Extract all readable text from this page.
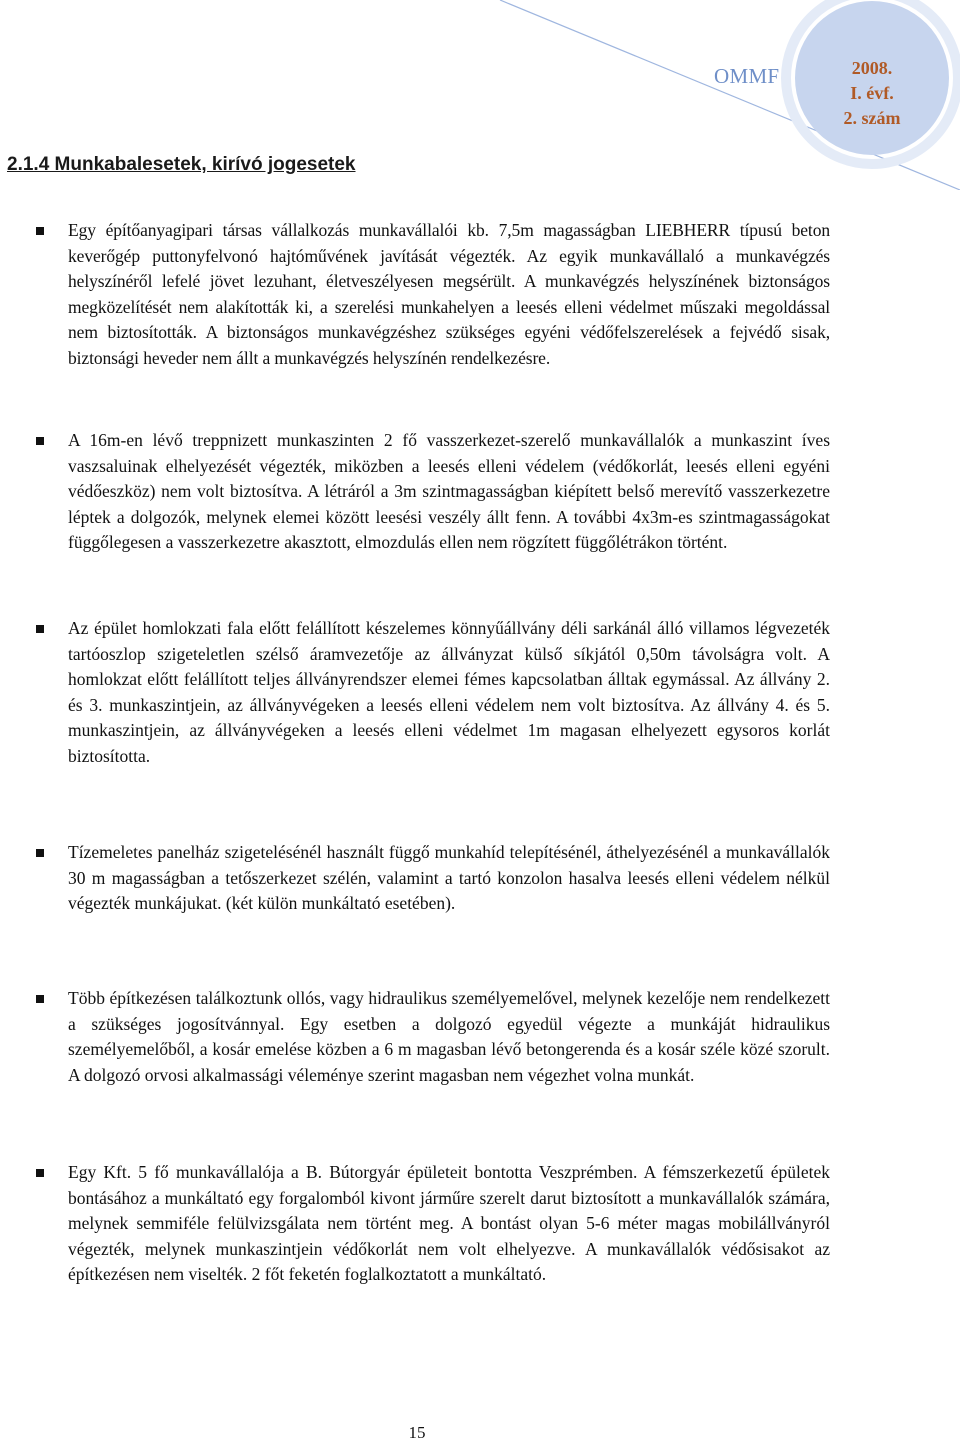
OMMF	2008.
I. évf.
2. szám
2.1.4 Munkabalesetek, kirívó jogesetek

Egy építőanyagipari társas vállalkozás munkavállalói kb. 7,5m magasságban LIEBHERR típusú beton keverőgép puttonyfelvonó hajtóművének javítását végezték. Az egyik munkavállaló a munkavégzés helyszínéről lefelé jövet lezuhant, életveszélyesen megsérült. A munkavégzés helyszínének biztonságos megközelítését nem alakították ki, a szerelési munkahelyen a leesés elleni védelmet műszaki megoldással nem biztosították. A biztonságos munkavégzéshez szükséges egyéni védőfelszerelések a fejvédő sisak, biztonsági heveder nem állt a munkavégzés helyszínén rendelkezésre.

A 16m-en lévő treppnizett munkaszinten 2 fő vasszerkezet-szerelő munkavállalók a munkaszint íves vaszsaluinak elhelyezését végezték, miközben a leesés elleni védelem (védőkorlát, leesés elleni egyéni védőeszköz) nem volt biztosítva. A létráról a 3m szintmagasságban kiépített belső merevítő vasszerkezetre léptek a dolgozók, melynek elemei között leesési veszély állt fenn. A további 4x3m-es szintmagasságokat függőlegesen a vasszerkezetre akasztott, elmozdulás ellen nem rögzített függőlétrákon történt.

Az épület homlokzati fala előtt felállított készelemes könnyűállvány déli sarkánál álló villamos légvezeték tartóoszlop szigeteletlen szélső áramvezetője az állványzat külső síkjától 0,50m távolságra volt. A homlokzat előtt felállított teljes állványrendszer elemei fémes kapcsolatban álltak egymással. Az állvány 2. és 3. munkaszintjein, az állványvégeken a leesés elleni védelem nem volt biztosítva. Az állvány 4. és 5. munkaszintjein, az állványvégeken a leesés elleni védelmet 1m magasan elhelyezett egysoros korlát biztosította.

Tízemeletes panelház szigetelésénél használt függő munkahíd telepítésénél, áthelyezésénél a munkavállalók 30 m magasságban a tetőszerkezet szélén, valamint a tartó konzolon hasalva leesés elleni védelem nélkül végezték munkájukat. (két külön munkáltató esetében).

Több építkezésen találkoztunk ollós, vagy hidraulikus személyemelővel, melynek kezelője nem rendelkezett a szükséges jogosítvánnyal. Egy esetben a dolgozó egyedül végezte a munkáját hidraulikus személyemelőből, a kosár emelése közben a 6 m magasban lévő betongerenda és a kosár széle közé szorult. A dolgozó orvosi alkalmassági véleménye szerint magasban nem végezhet volna munkát.

Egy Kft. 5 fő munkavállalója a B. Bútorgyár épületeit bontotta Veszprémben. A fémszerkezetű épületek bontásához a munkáltató egy forgalomból kivont járműre szerelt darut biztosított a munkavállalók számára, melynek semmiféle felülvizsgálata nem történt meg. A bontást olyan 5-6 méter magas mobilállványról végezték, melynek munkaszintjein védőkorlát nem volt elhelyezve. A munkavállalók védősisakot az építkezésen nem viselték. 2 főt feketén foglalkoztatott a munkáltató.

15
